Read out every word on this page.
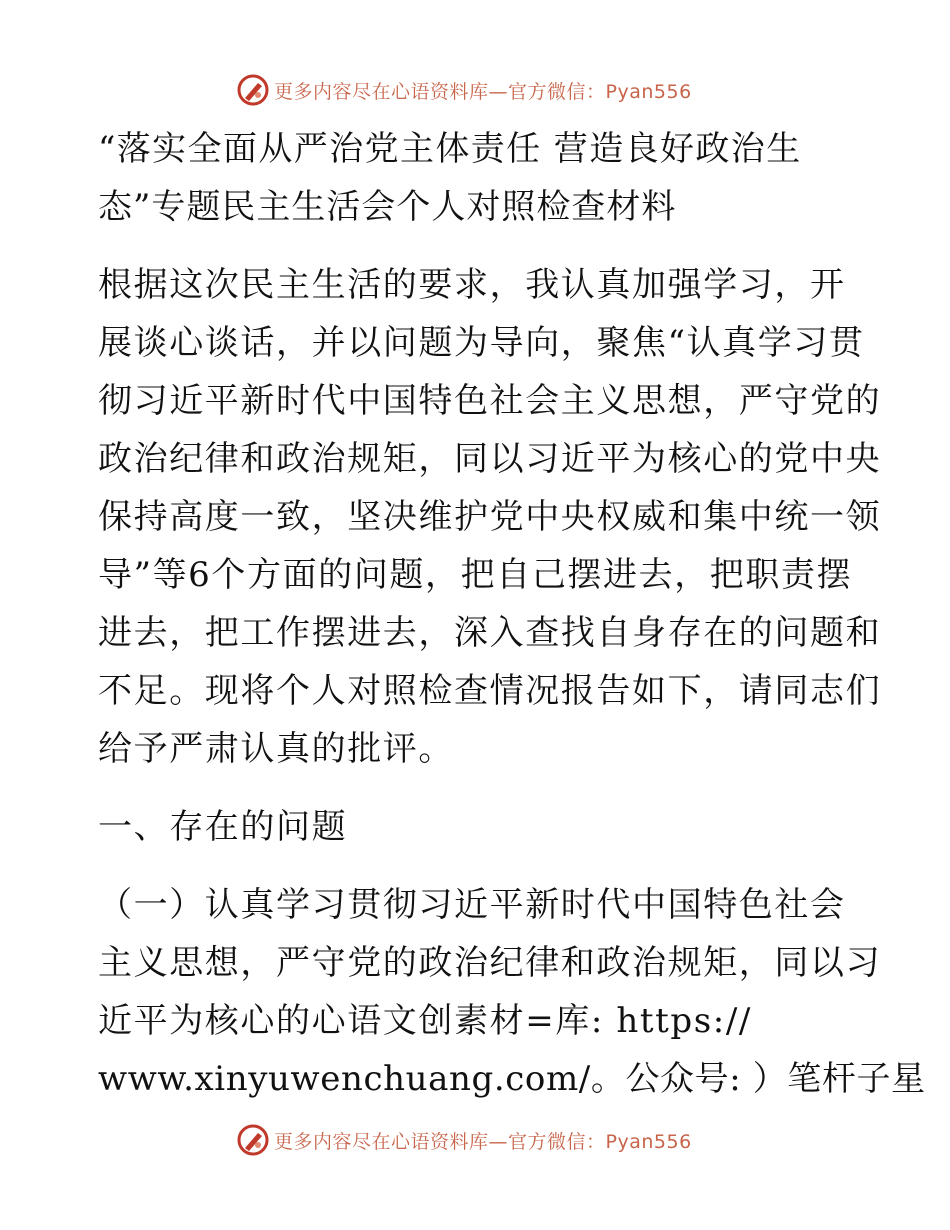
更多内容尽在心语资料库—官方微信：Pyan556
“落实全面从严治党主体责任 营造良好政治生
态”专题民主生活会个人对照检查材料
根据这次民主生活的要求，我认真加强学习，开
展谈心谈话，并以问题为导向，聚焦“认真学习贯
彻习近平新时代中国特色社会主义思想，严守党的
政治纪律和政治规矩，同以习近平为核心的党中央
保持高度一致，坚决维护党中央权威和集中统一领
导”等6个方面的问题，把自己摆进去，把职责摆
进去，把工作摆进去，深入查找自身存在的问题和
不足。现将个人对照检查情况报告如下，请同志们
给予严肃认真的批评。
一、存在的问题
（一）认真学习贯彻习近平新时代中国特色社会
主义思想，严守党的政治纪律和政治规矩，同以习
近平为核心的心语文创素材=库: https://
www.xinyuwenchuang.com/。公众号: ）笔杆子星
更多内容尽在心语资料库—官方微信：Pyan556
